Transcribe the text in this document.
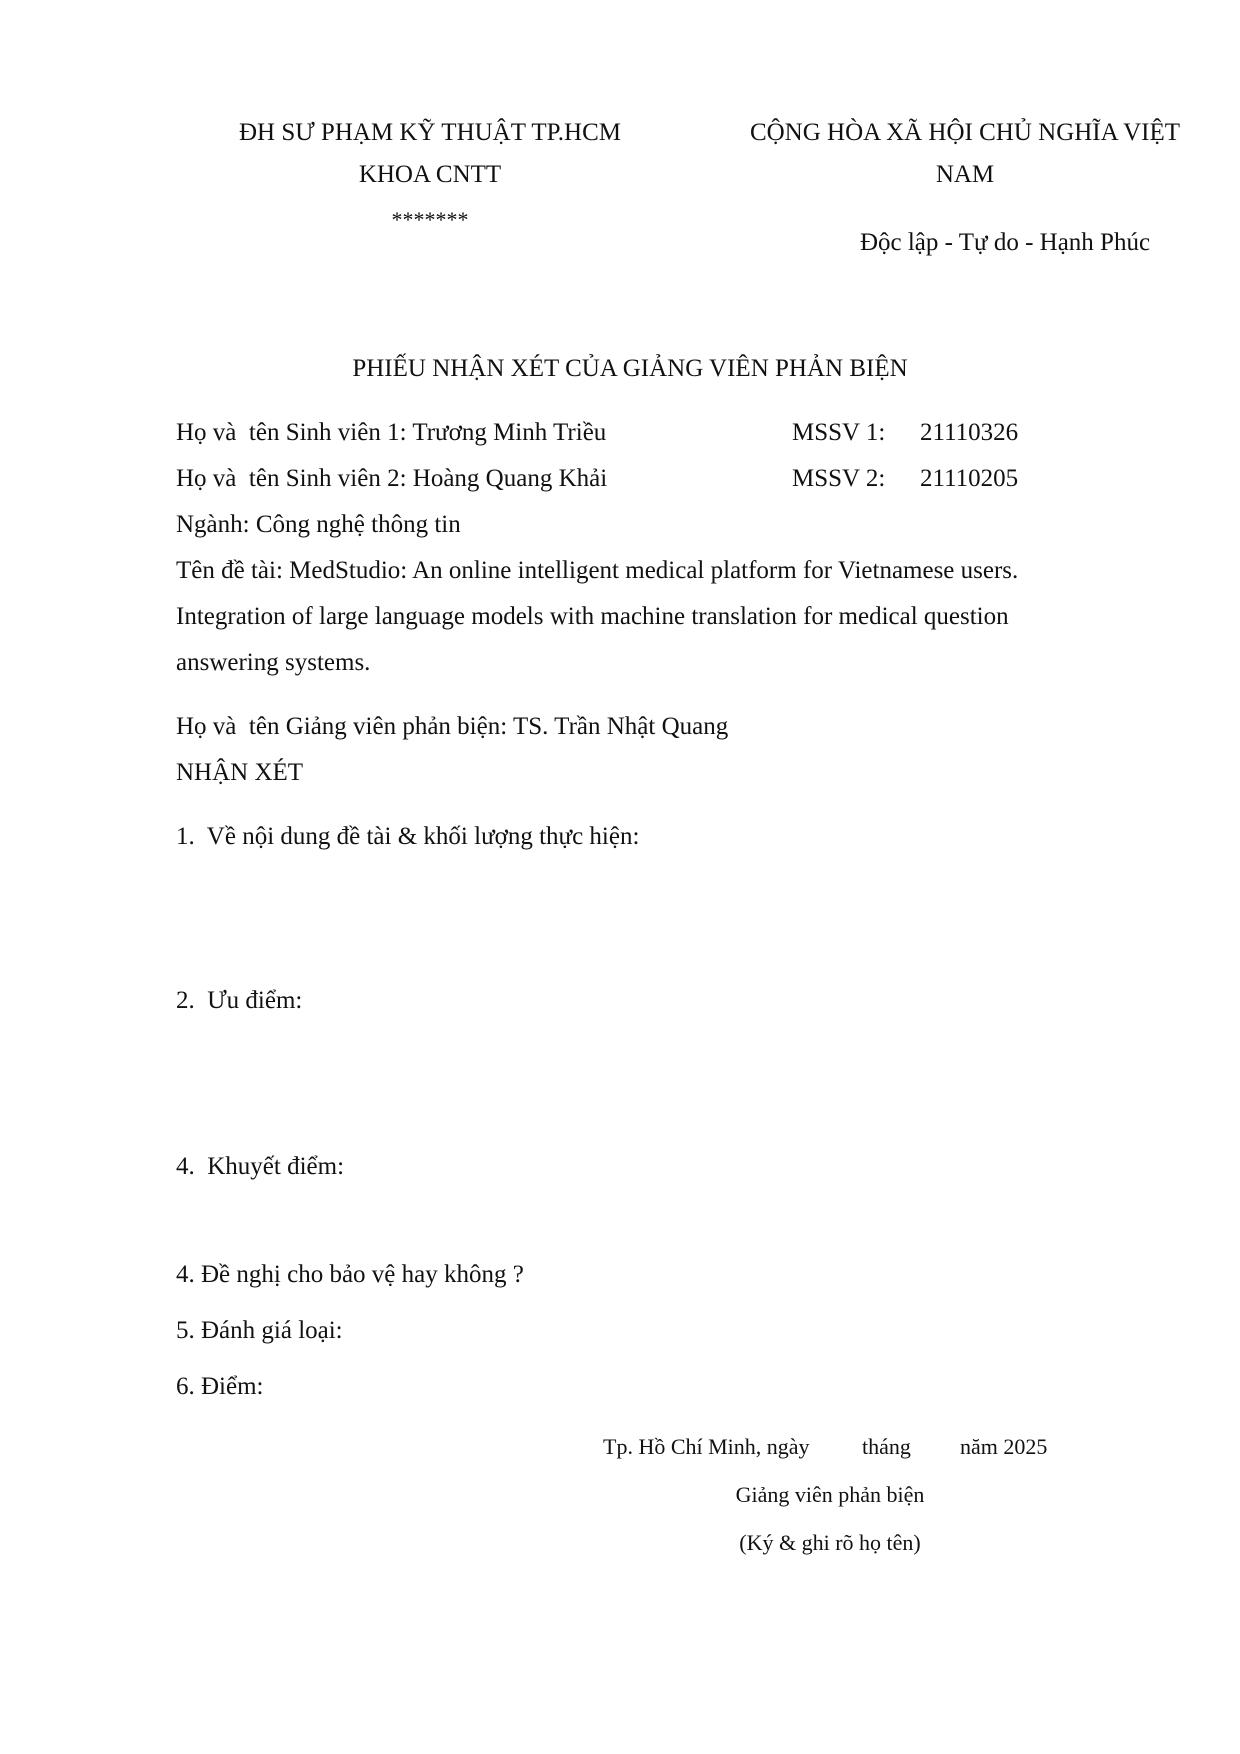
ĐH SƯ PHẠM KỸ THUẬT TP.HCM
KHOA CNTT
*******
CỘNG HÒA XÃ HỘI CHỦ NGHĨA VIỆT
NAM
Độc lập - Tự do - Hạnh Phúc
PHIẾU NHẬN XÉT CỦA GIẢNG VIÊN PHẢN BIỆN
Họ và  tên Sinh viên 1: Trương Minh Triều	MSSV 1: 21110326
Họ và  tên Sinh viên 2: Hoàng Quang Khải	MSSV 2: 21110205
Ngành: Công nghệ thông tin
Tên đề tài: MedStudio: An online intelligent medical platform for Vietnamese users.
Integration of large language models with machine translation for medical question
answering systems.
Họ và  tên Giảng viên phản biện: TS. Trần Nhật Quang
NHẬN XÉT
1.  Về nội dung đề tài & khối lượng thực hiện:
2.  Ưu điểm:
4.  Khuyết điểm:
4. Đề nghị cho bảo vệ hay không ?
5. Đánh giá loại:
6. Điểm:
Tp. Hồ Chí Minh, ngày tháng năm 2025
Giảng viên phản biện
(Ký & ghi rõ họ tên)
